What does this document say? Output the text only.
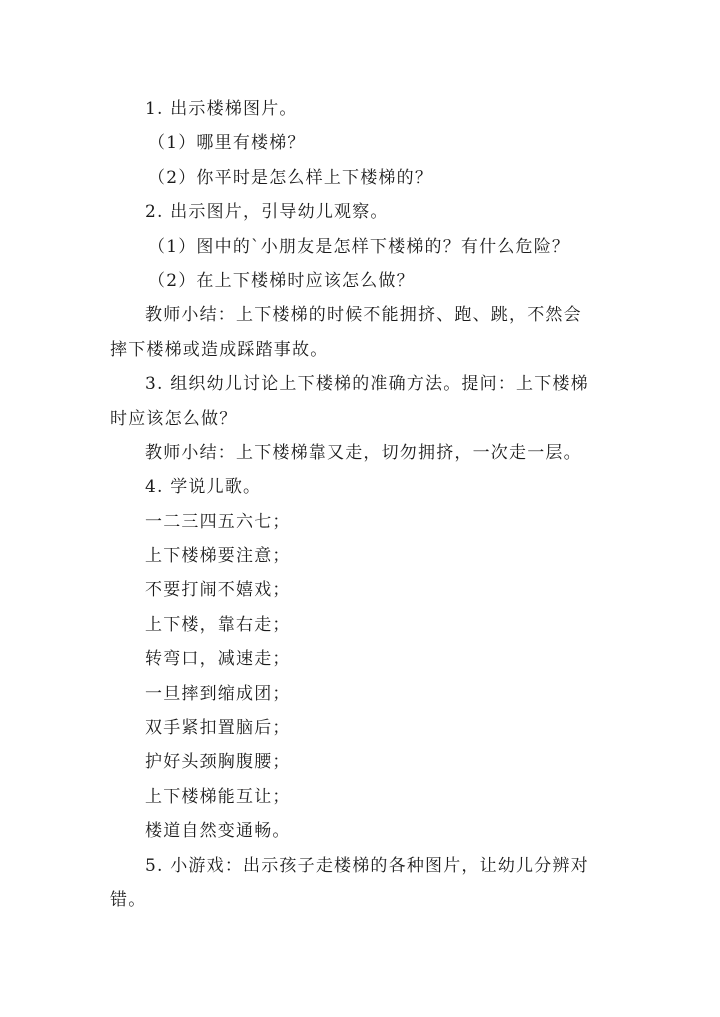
1. 出示楼梯图片。
（1）哪里有楼梯？
（2）你平时是怎么样上下楼梯的？
2. 出示图片，引导幼儿观察。
（1）图中的`小朋友是怎样下楼梯的？有什么危险？
（2）在上下楼梯时应该怎么做？
教师小结：上下楼梯的时候不能拥挤、跑、跳，不然会
摔下楼梯或造成踩踏事故。
3. 组织幼儿讨论上下楼梯的准确方法。提问：上下楼梯
时应该怎么做？
教师小结：上下楼梯靠又走，切勿拥挤，一次走一层。
4. 学说儿歌。
一二三四五六七；
上下楼梯要注意；
不要打闹不嬉戏；
上下楼，靠右走；
转弯口，减速走；
一旦摔到缩成团；
双手紧扣置脑后；
护好头颈胸腹腰；
上下楼梯能互让；
楼道自然变通畅。
5. 小游戏：出示孩子走楼梯的各种图片，让幼儿分辨对
错。
